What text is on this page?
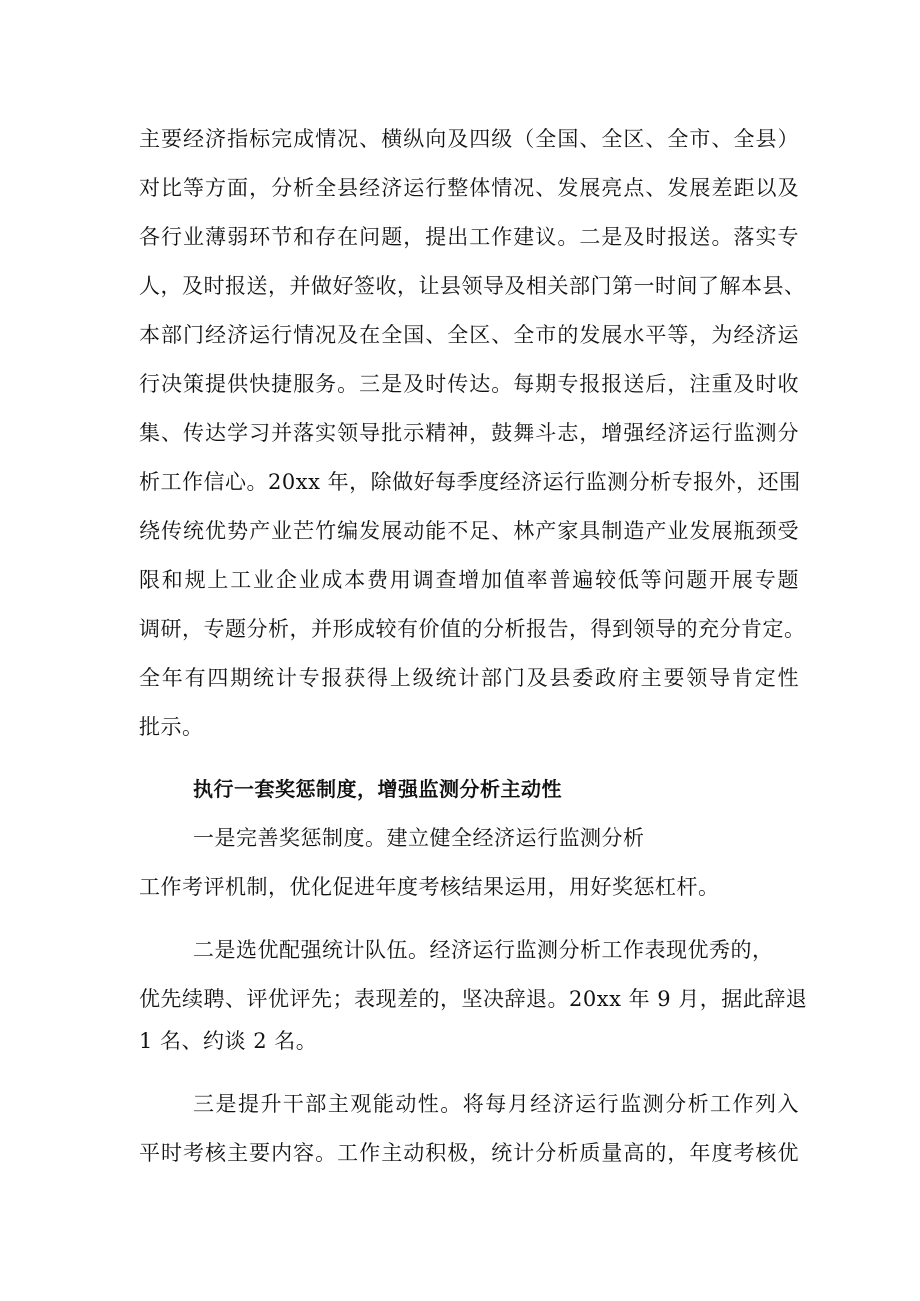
主要经济指标完成情况、横纵向及四级（全国、全区、全市、全县）
对比等方面，分析全县经济运行整体情况、发展亮点、发展差距以及
各行业薄弱环节和存在问题，提出工作建议。二是及时报送。落实专
人，及时报送，并做好签收，让县领导及相关部门第一时间了解本县、
本部门经济运行情况及在全国、全区、全市的发展水平等，为经济运
行决策提供快捷服务。三是及时传达。每期专报报送后，注重及时收
集、传达学习并落实领导批示精神，鼓舞斗志，增强经济运行监测分
析工作信心。20xx 年，除做好每季度经济运行监测分析专报外，还围
绕传统优势产业芒竹编发展动能不足、林产家具制造产业发展瓶颈受
限和规上工业企业成本费用调查增加值率普遍较低等问题开展专题
调研，专题分析，并形成较有价值的分析报告，得到领导的充分肯定。
全年有四期统计专报获得上级统计部门及县委政府主要领导肯定性
批示。
执行一套奖惩制度，增强监测分析主动性
一是完善奖惩制度。建立健全经济运行监测分析
工作考评机制，优化促进年度考核结果运用，用好奖惩杠杆。
二是选优配强统计队伍。经济运行监测分析工作表现优秀的，
优先续聘、评优评先；表现差的，坚决辞退。20xx 年 9 月，据此辞退
1 名、约谈 2 名。
三是提升干部主观能动性。将每月经济运行监测分析工作列入
平时考核主要内容。工作主动积极，统计分析质量高的，年度考核优
